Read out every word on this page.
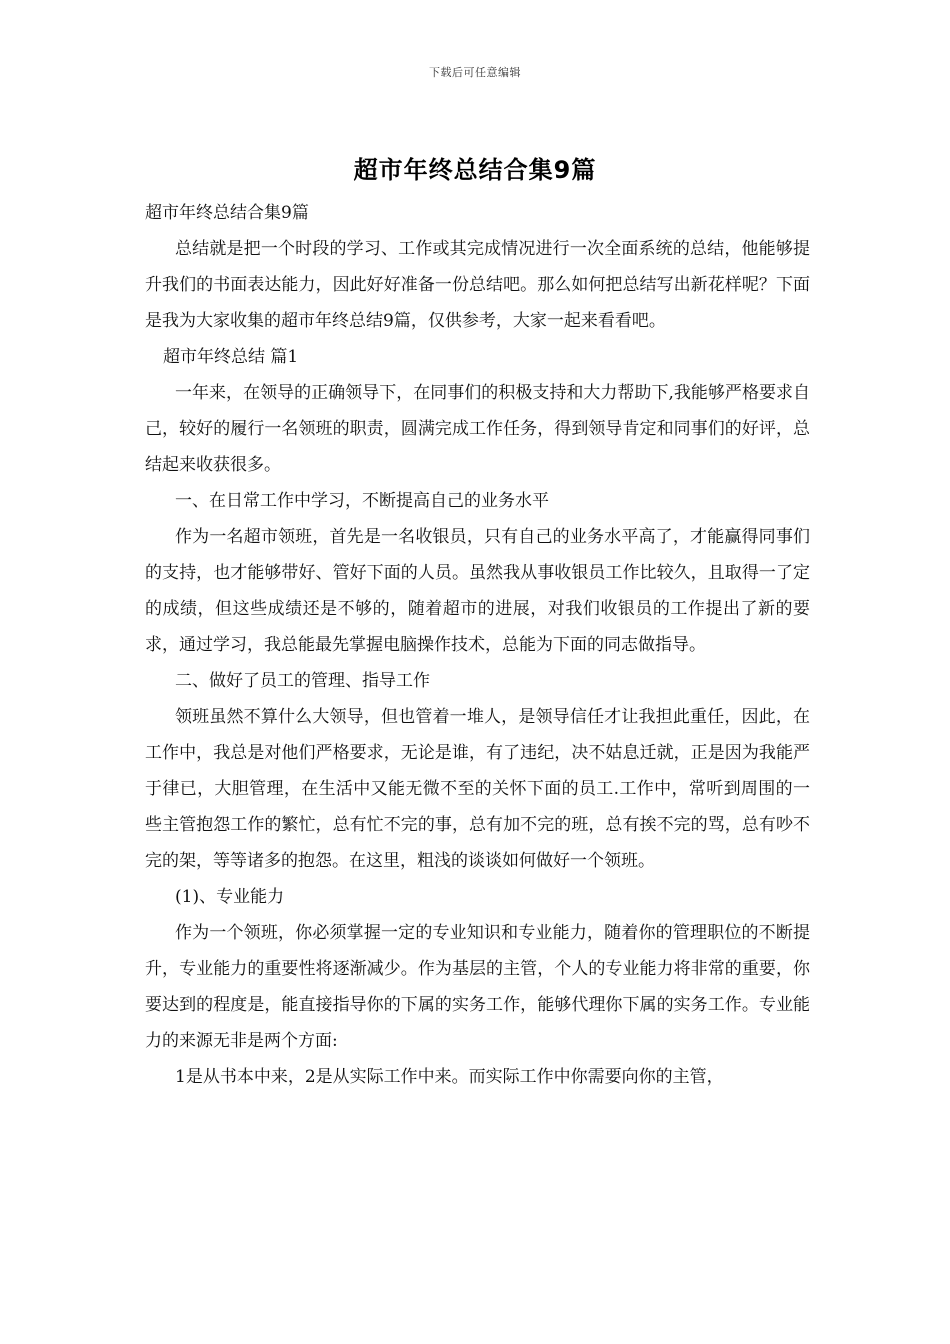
下载后可任意编辑
超市年终总结合集9篇

超市年终总结合集9篇

总结就是把一个时段的学习、工作或其完成情况进行一次全面系统的总结，他能够提升我们的书面表达能力，因此好好准备一份总结吧。那么如何把总结写出新花样呢？下面是我为大家收集的超市年终总结9篇，仅供参考，大家一起来看看吧。

超市年终总结 篇1

一年来，在领导的正确领导下，在同事们的积极支持和大力帮助下,我能够严格要求自己，较好的履行一名领班的职责，圆满完成工作任务，得到领导肯定和同事们的好评，总结起来收获很多。

一、在日常工作中学习，不断提高自己的业务水平

作为一名超市领班，首先是一名收银员，只有自己的业务水平高了，才能赢得同事们的支持，也才能够带好、管好下面的人员。虽然我从事收银员工作比较久，且取得一了定的成绩，但这些成绩还是不够的，随着超市的进展，对我们收银员的工作提出了新的要求，通过学习，我总能最先掌握电脑操作技术，总能为下面的同志做指导。

二、做好了员工的管理、指导工作

领班虽然不算什么大领导，但也管着一堆人，是领导信任才让我担此重任，因此，在工作中，我总是对他们严格要求，无论是谁，有了违纪，决不姑息迁就，正是因为我能严于律已，大胆管理，在生活中又能无微不至的关怀下面的员工.工作中，常听到周围的一些主管抱怨工作的繁忙，总有忙不完的事，总有加不完的班，总有挨不完的骂，总有吵不完的架，等等诸多的抱怨。在这里，粗浅的谈谈如何做好一个领班。

(1)、专业能力

作为一个领班，你必须掌握一定的专业知识和专业能力，随着你的管理职位的不断提升，专业能力的重要性将逐渐减少。作为基层的主管，个人的专业能力将非常的重要，你要达到的程度是，能直接指导你的下属的实务工作，能够代理你下属的实务工作。专业能力的来源无非是两个方面:

1是从书本中来，2是从实际工作中来。而实际工作中你需要向你的主管，
